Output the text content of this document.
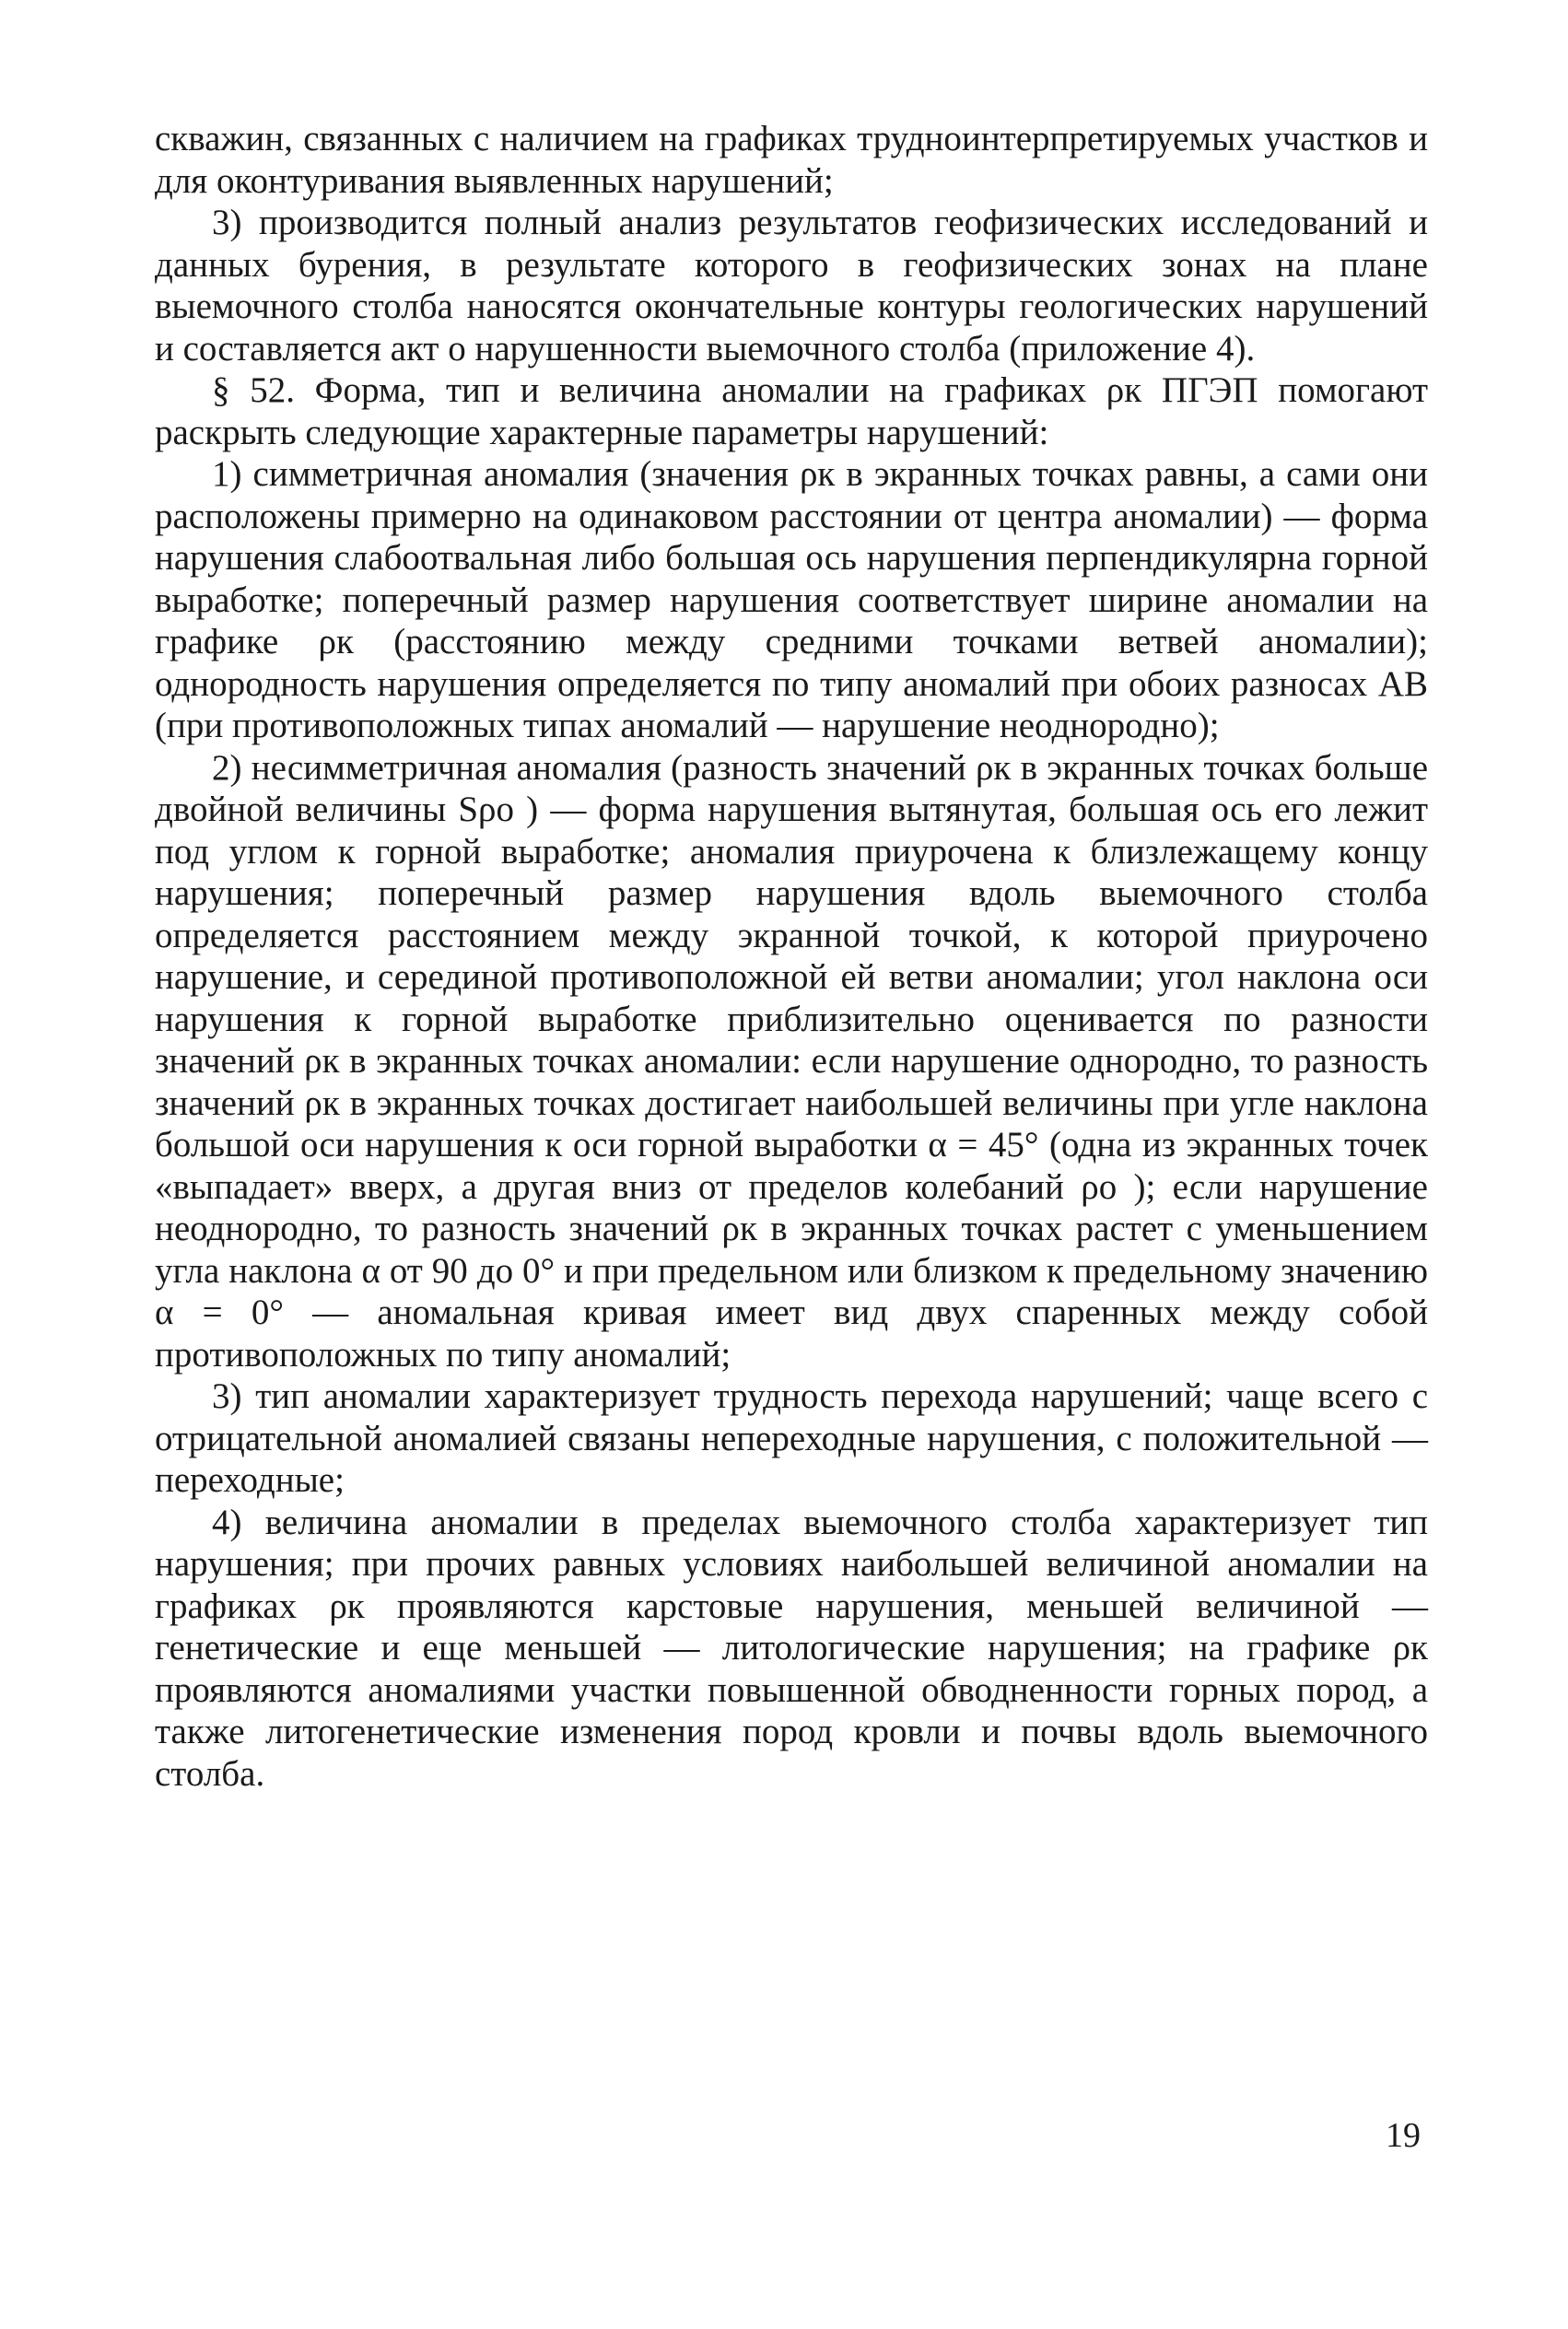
скважин, связанных с наличием на графиках трудноинтерпретируемых участков и для оконтуривания выявленных нарушений;

3) производится полный анализ результатов геофизических исследований и данных бурения, в результате которого в геофизических зонах на плане выемочного столба наносятся окончательные контуры геологических нарушений и составляется акт о нарушенности выемочного столба (приложение 4).

§ 52. Форма, тип и величина аномалии на графиках ρк ПГЭП помогают раскрыть следующие характерные параметры нарушений:

1) симметричная аномалия (значения ρк в экранных точках равны, а сами они расположены примерно на одинаковом расстоянии от центра аномалии) — форма нарушения слабоотвальная либо большая ось нарушения перпендикулярна горной выработке; поперечный размер нарушения соответствует ширине аномалии на графике ρк (расстоянию между средними точками ветвей аномалии); однородность нарушения определяется по типу аномалий при обоих разносах АВ (при противоположных типах аномалий — нарушение неоднородно);

2) несимметричная аномалия (разность значений ρк в экранных точках больше двойной величины Sρо ) — форма нарушения вытянутая, большая ось его лежит под углом к горной выработке; аномалия приурочена к близлежащему концу нарушения; поперечный размер нарушения вдоль выемочного столба определяется расстоянием между экранной точкой, к которой приурочено нарушение, и серединой противоположной ей ветви аномалии; угол наклона оси нарушения к горной выработке приблизительно оценивается по разности значений ρк в экранных точках аномалии: если нарушение однородно, то разность значений ρк в экранных точках достигает наибольшей величины при угле наклона большой оси нарушения к оси горной выработки α = 45° (одна из экранных точек «выпадает» вверх, а другая вниз от пределов колебаний ρо ); если нарушение неоднородно, то разность значений ρк в экранных точках растет с уменьшением угла наклона α от 90 до 0° и при предельном или близком к предельному значению α = 0° — аномальная кривая имеет вид двух спаренных между собой противоположных по типу аномалий;

3) тип аномалии характеризует трудность перехода нарушений; чаще всего с отрицательной аномалией связаны непереходные нарушения, с положительной — переходные;

4) величина аномалии в пределах выемочного столба характеризует тип нарушения; при прочих равных условиях наибольшей величиной аномалии на графиках ρк проявляются карстовые нарушения, меньшей величиной — генетические и еще меньшей — литологические нарушения; на графике ρк проявляются аномалиями участки повышенной обводненности горных пород, а также литогенетические изменения пород кровли и почвы вдоль выемочного столба.

19
